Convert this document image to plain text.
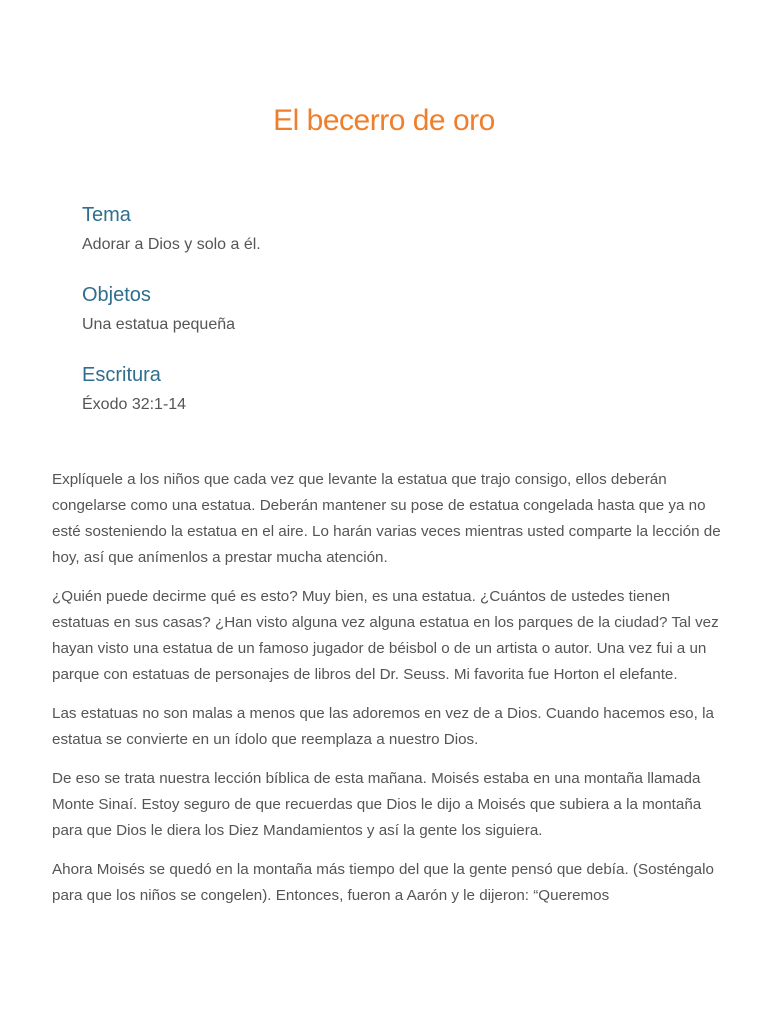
El becerro de oro

Tema

Adorar a Dios y solo a él.

Objetos

Una estatua pequeña

Escritura

Éxodo 32:1-14

Explíquele a los niños que cada vez que levante la estatua que trajo consigo, ellos deberán congelarse como una estatua. Deberán mantener su pose de estatua congelada hasta que ya no esté sosteniendo la estatua en el aire. Lo harán varias veces mientras usted comparte la lección de hoy, así que anímenlos a prestar mucha atención.

¿Quién puede decirme qué es esto? Muy bien, es una estatua. ¿Cuántos de ustedes tienen estatuas en sus casas? ¿Han visto alguna vez alguna estatua en los parques de la ciudad? Tal vez hayan visto una estatua de un famoso jugador de béisbol o de un artista o autor. Una vez fui a un parque con estatuas de personajes de libros del Dr. Seuss. Mi favorita fue Horton el elefante.

Las estatuas no son malas a menos que las adoremos en vez de a Dios. Cuando hacemos eso, la estatua se convierte en un ídolo que reemplaza a nuestro Dios.

De eso se trata nuestra lección bíblica de esta mañana. Moisés estaba en una montaña llamada Monte Sinaí. Estoy seguro de que recuerdas que Dios le dijo a Moisés que subiera a la montaña para que Dios le diera los Diez Mandamientos y así la gente los siguiera.

Ahora Moisés se quedó en la montaña más tiempo del que la gente pensó que debía. (Sosténgalo para que los niños se congelen). Entonces, fueron a Aarón y le dijeron: “Queremos
